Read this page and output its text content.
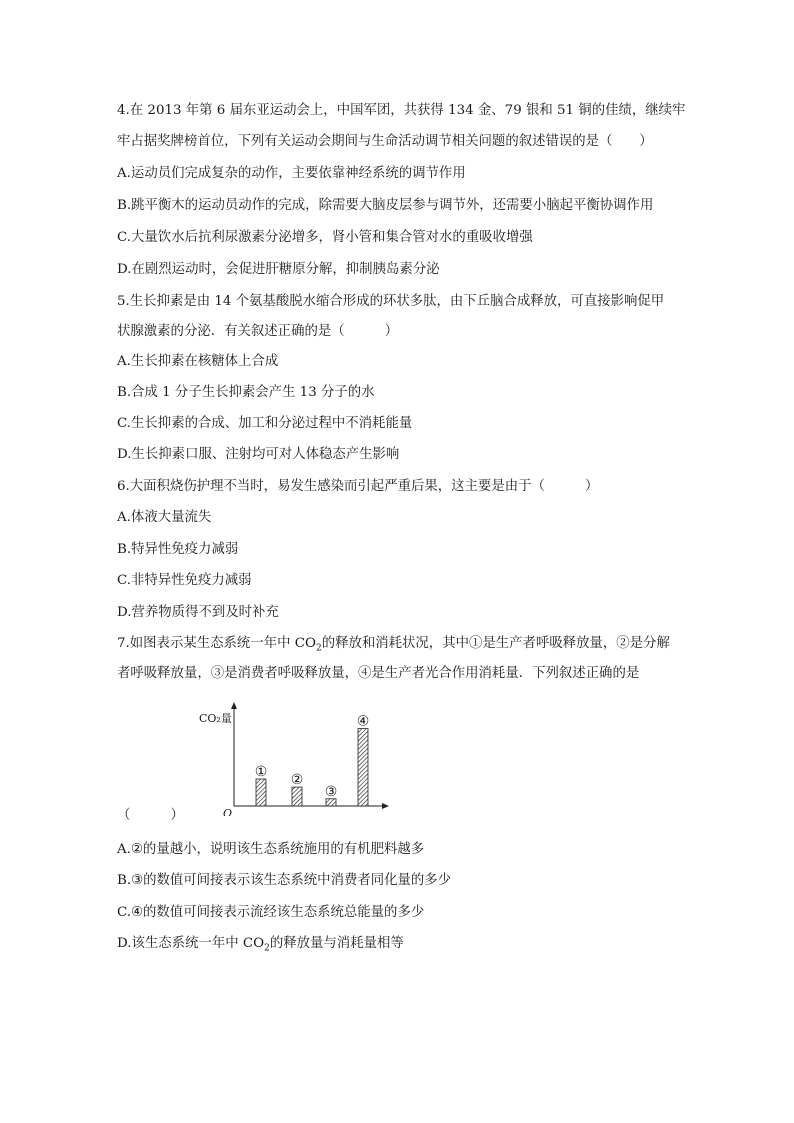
4.在 2013 年第 6 届东亚运动会上，中国军团，共获得 134 金、79 银和 51 铜的佳绩，继续牢
牢占据奖牌榜首位，下列有关运动会期间与生命活动调节相关问题的叙述错误的是（　　）
A.运动员们完成复杂的动作，主要依靠神经系统的调节作用
B.跳平衡木的运动员动作的完成，除需要大脑皮层参与调节外，还需要小脑起平衡协调作用
C.大量饮水后抗利尿激素分泌增多，肾小管和集合管对水的重吸收增强
D.在剧烈运动时，会促进肝糖原分解，抑制胰岛素分泌
5.生长抑素是由 14 个氨基酸脱水缩合形成的环状多肽，由下丘脑合成释放，可直接影响促甲
状腺激素的分泌．有关叙述正确的是（　　　）
A.生长抑素在核糖体上合成
B.合成 1 分子生长抑素会产生 13 分子的水
C.生长抑素的合成、加工和分泌过程中不消耗能量
D.生长抑素口服、注射均可对人体稳态产生影响
6.大面积烧伤护理不当时，易发生感染而引起严重后果，这主要是由于（　　　）
A.体液大量流失
B.特异性免疫力减弱
C.非特异性免疫力减弱
D.营养物质得不到及时补充
7.如图表示某生态系统一年中 $CO_2$的释放和消耗状况，其中①是生产者呼吸释放量，②是分解
者呼吸释放量，③是消费者呼吸释放量，④是生产者光合作用消耗量．下列叙述正确的是
（　　　）
CO₂量
O
①
②
③
④
A.②的量越小，说明该生态系统施用的有机肥料越多
B.③的数值可间接表示该生态系统中消费者同化量的多少
C.④的数值可间接表示流经该生态系统总能量的多少
D.该生态系统一年中 $CO_2$的释放量与消耗量相等
